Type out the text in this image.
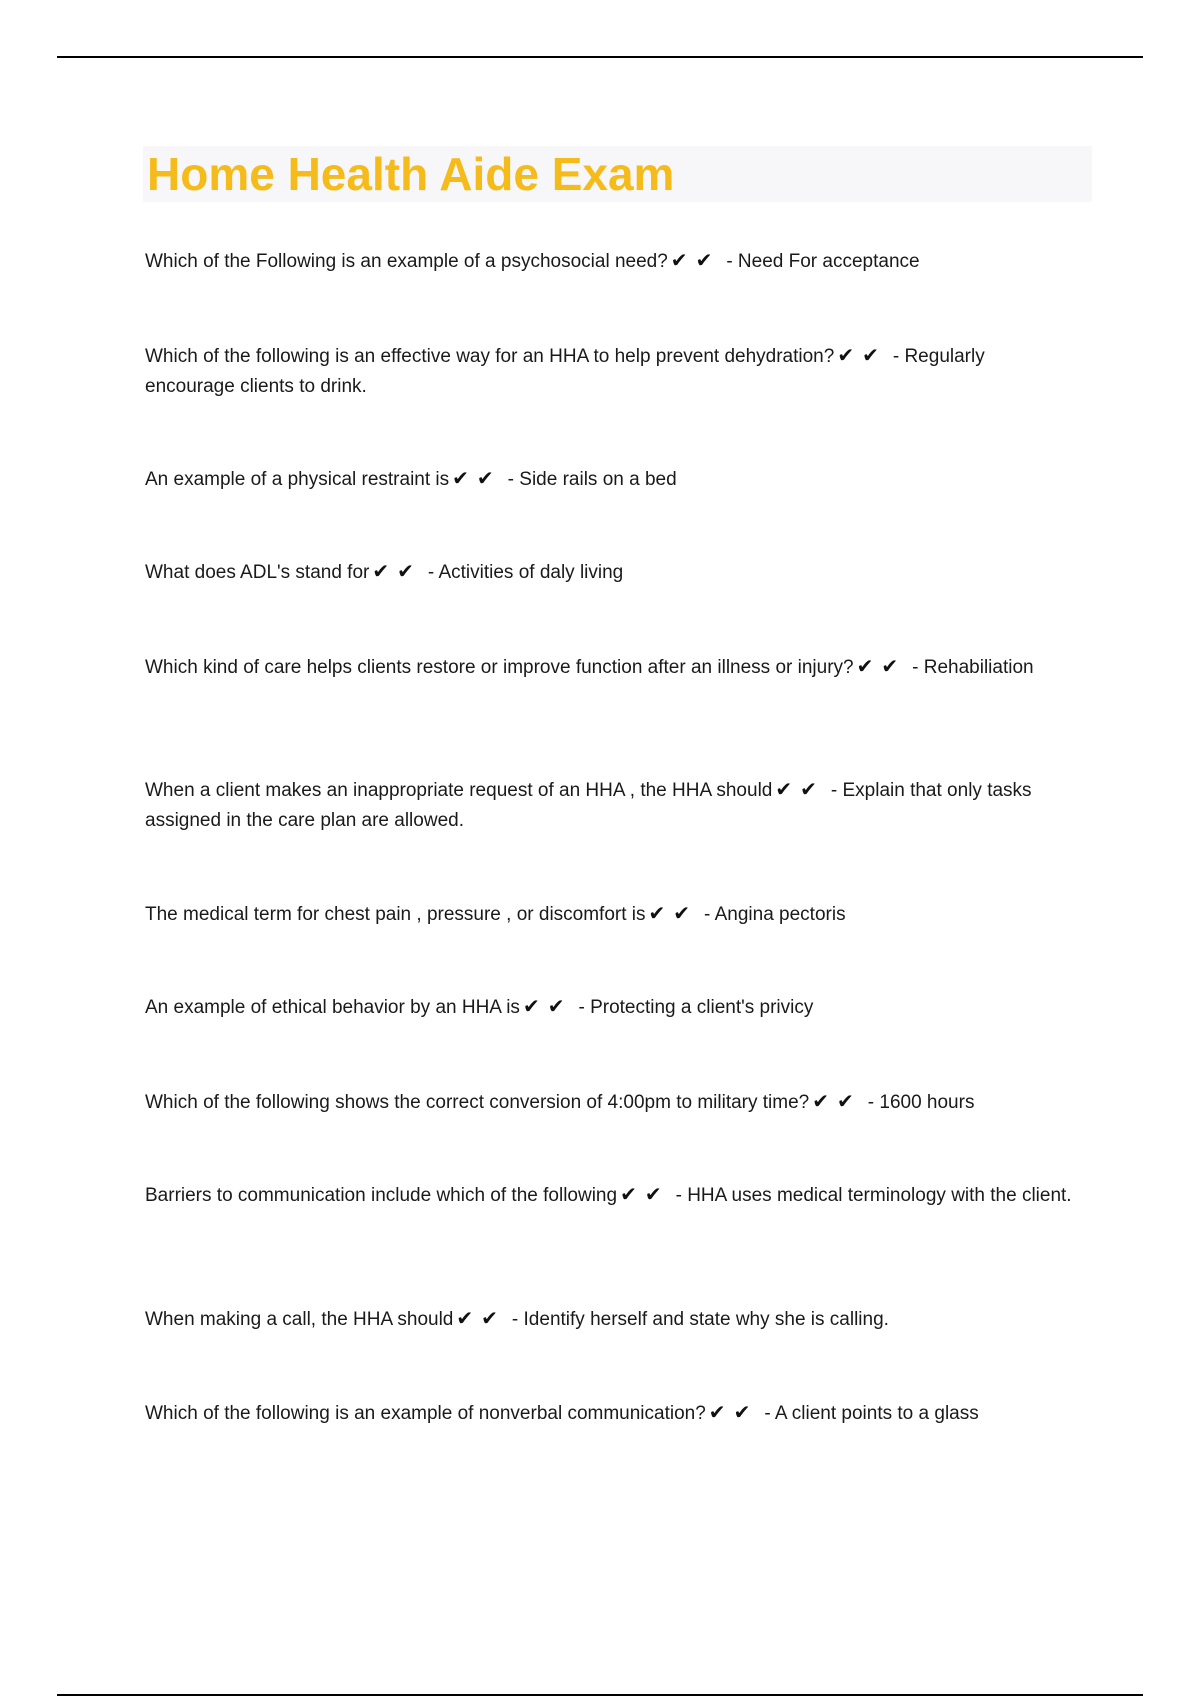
Home Health Aide Exam

Which of the Following is an example of a psychosocial need? ✔✔ - Need For acceptance

Which of the following is an effective way for an HHA to help prevent dehydration? ✔✔ - Regularly encourage clients to drink.

An example of a physical restraint is ✔✔ - Side rails on a bed

What does ADL's stand for ✔✔ - Activities of daly living

Which kind of care helps clients restore or improve function after an illness or injury? ✔✔ - Rehabiliation

When a client makes an inappropriate request of an HHA , the HHA should ✔✔ - Explain that only tasks assigned in the care plan are allowed.

The medical term for chest pain , pressure , or discomfort is ✔✔ - Angina pectoris

An example of ethical behavior by an HHA is ✔✔ - Protecting a client's privicy

Which of the following shows the correct conversion of 4:00pm to military time? ✔✔ - 1600 hours

Barriers to communication include which of the following ✔✔ - HHA uses medical terminology with the client.

When making a call, the HHA should ✔✔ - Identify herself and state why she is calling.

Which of the following is an example of nonverbal communication? ✔✔ - A client points to a glass
